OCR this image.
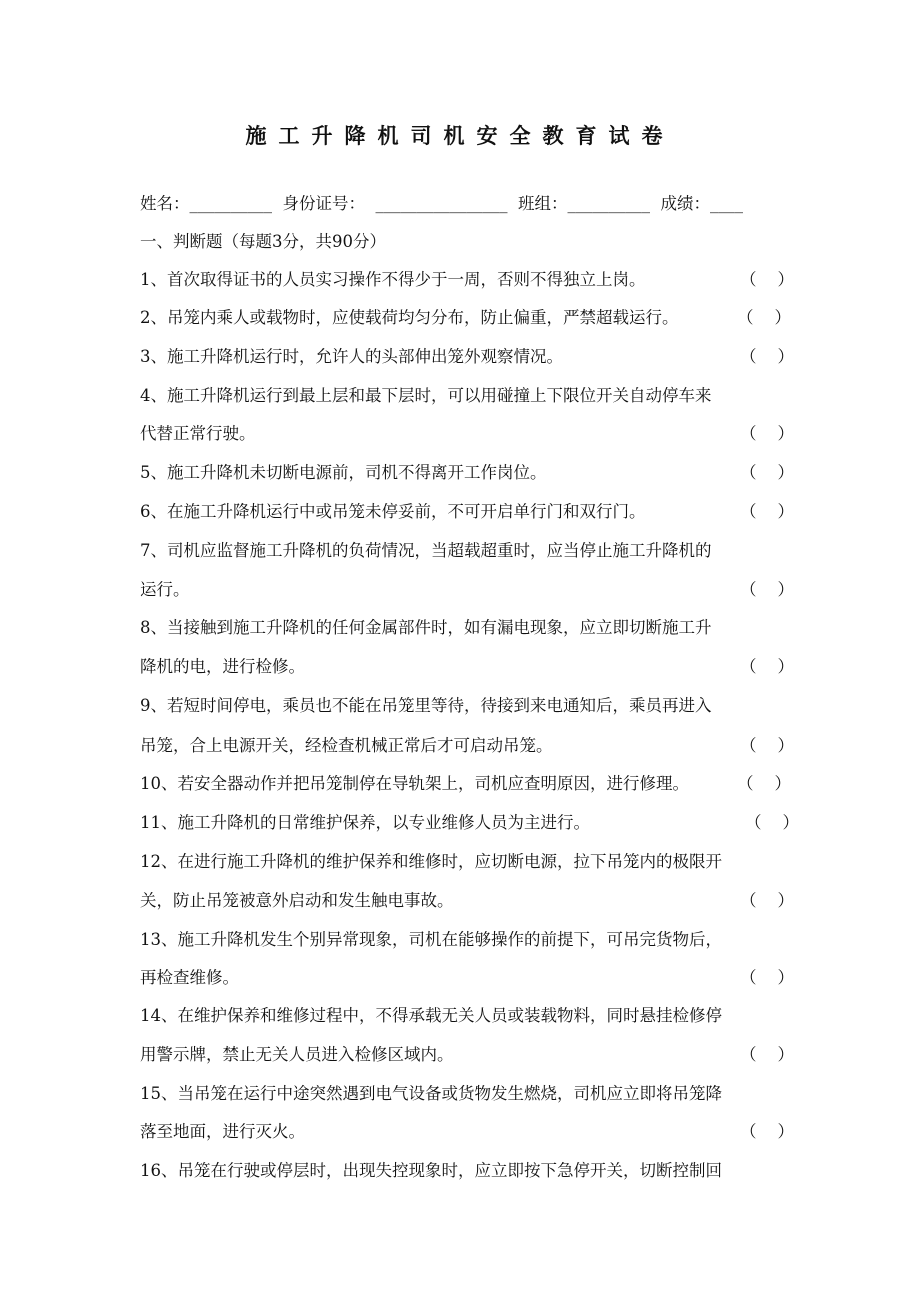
施工升降机司机安全教育试卷
姓名：__________  身份证号：  ________________  班组：__________  成绩：____
一、判断题（每题3分，共90分）
1、首次取得证书的人员实习操作不得少于一周，否则不得独立上岗。	（    ）
2、吊笼内乘人或载物时，应使载荷均匀分布，防止偏重，严禁超载运行。	（    ）
3、施工升降机运行时，允许人的头部伸出笼外观察情况。	（    ）
4、施工升降机运行到最上层和最下层时，可以用碰撞上下限位开关自动停车来
代替正常行驶。	（    ）
5、施工升降机未切断电源前，司机不得离开工作岗位。	（    ）
6、在施工升降机运行中或吊笼未停妥前，不可开启单行门和双行门。	（    ）
7、司机应监督施工升降机的负荷情况，当超载超重时，应当停止施工升降机的
运行。	（    ）
8、当接触到施工升降机的任何金属部件时，如有漏电现象，应立即切断施工升
降机的电，进行检修。	（    ）
9、若短时间停电，乘员也不能在吊笼里等待，待接到来电通知后，乘员再进入
吊笼，合上电源开关，经检查机械正常后才可启动吊笼。	（    ）
10、若安全器动作并把吊笼制停在导轨架上，司机应查明原因，进行修理。	（    ）
11、施工升降机的日常维护保养，以专业维修人员为主进行。	（    ）
12、在进行施工升降机的维护保养和维修时，应切断电源，拉下吊笼内的极限开
关，防止吊笼被意外启动和发生触电事故。	（    ）
13、施工升降机发生个别异常现象，司机在能够操作的前提下，可吊完货物后，
再检查维修。	（    ）
14、在维护保养和维修过程中，不得承载无关人员或装载物料，同时悬挂检修停
用警示牌，禁止无关人员进入检修区域内。	（    ）
15、当吊笼在运行中途突然遇到电气设备或货物发生燃烧，司机应立即将吊笼降
落至地面，进行灭火。	（    ）
16、吊笼在行驶或停层时，出现失控现象时，应立即按下急停开关，切断控制回
